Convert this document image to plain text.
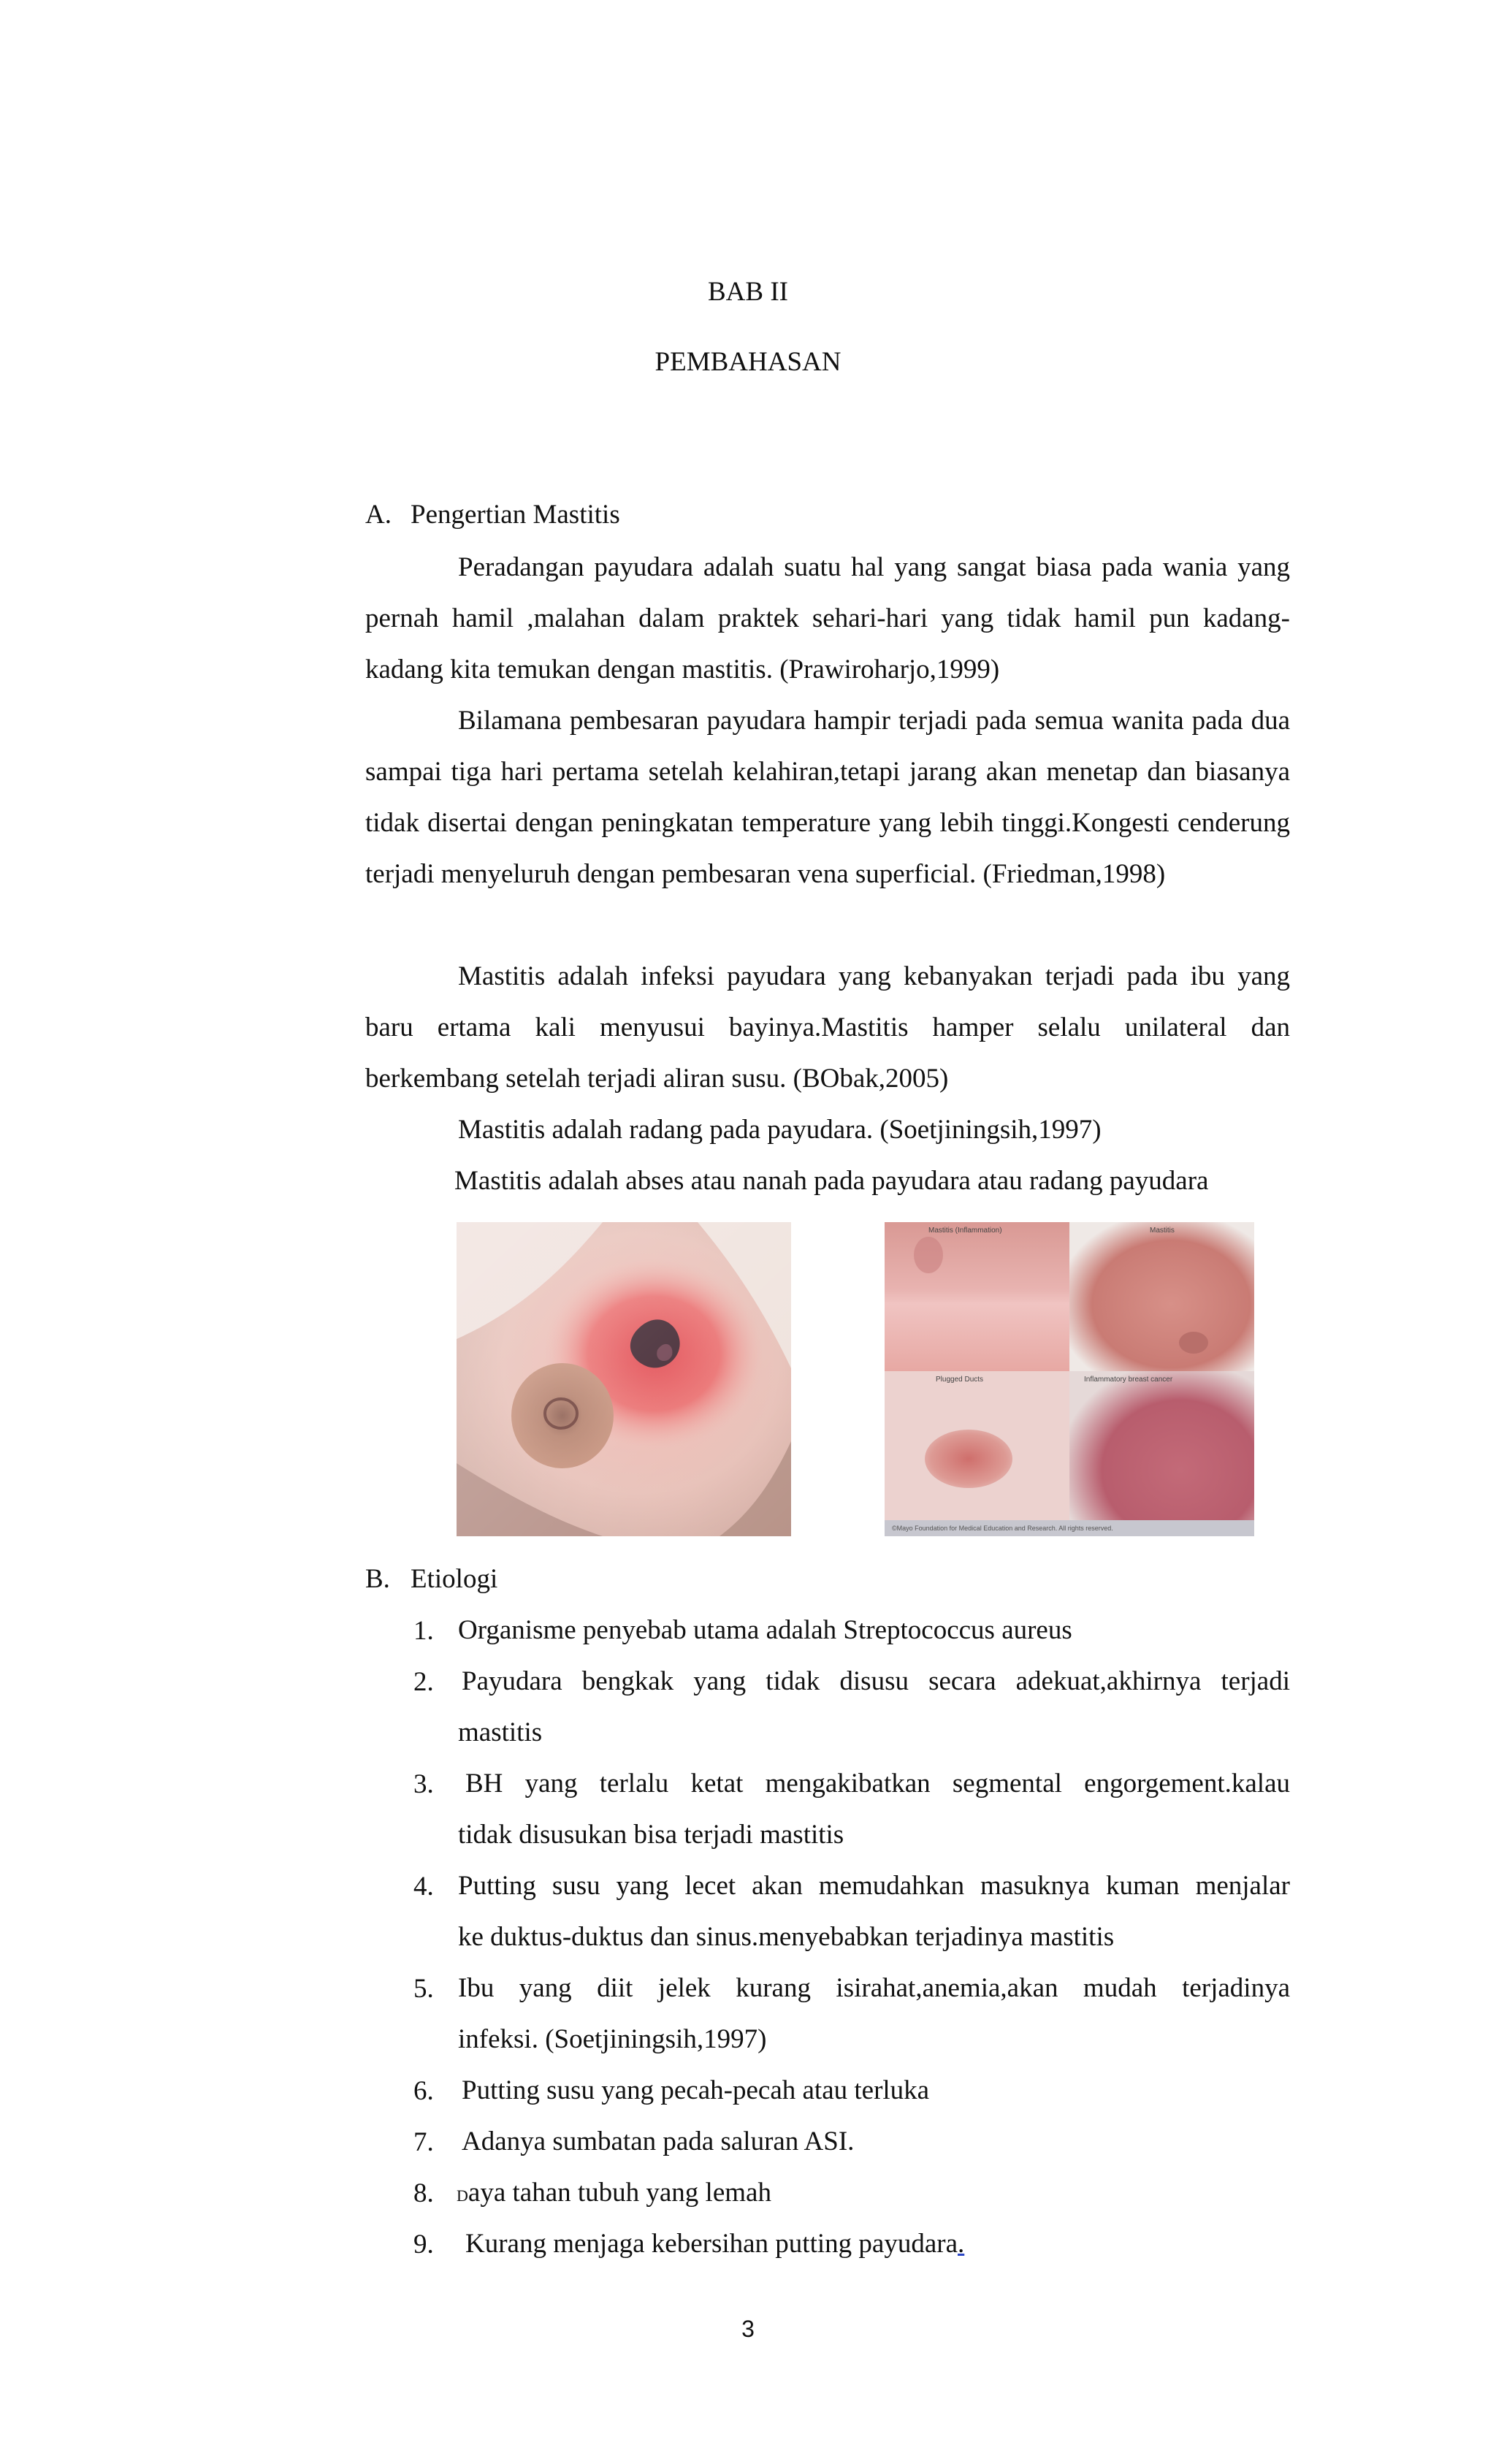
BAB II
PEMBAHASAN
A. Pengertian Mastitis
Peradangan payudara adalah suatu hal yang sangat biasa pada wania yang pernah hamil ,malahan dalam praktek sehari-hari yang tidak hamil pun kadang-kadang kita temukan dengan mastitis. (Prawiroharjo,1999)
Bilamana pembesaran payudara hampir terjadi pada semua wanita pada dua sampai tiga hari pertama setelah kelahiran,tetapi jarang akan menetap dan biasanya tidak disertai dengan peningkatan temperature yang lebih tinggi.Kongesti cenderung terjadi menyeluruh dengan pembesaran vena superficial. (Friedman,1998)
Mastitis adalah infeksi payudara yang kebanyakan terjadi pada ibu yang baru ertama kali menyusui bayinya.Mastitis hamper selalu unilateral dan berkembang setelah terjadi aliran susu. (BObak,2005)
Mastitis adalah radang pada payudara. (Soetjiningsih,1997)
Mastitis adalah abses atau nanah pada payudara atau radang payudara
Mastitis (Inflammation)	Mastitis
Plugged Ducts	Inflammatory breast cancer
©Mayo Foundation for Medical Education and Research. All rights reserved.
B. Etiologi
1. Organisme penyebab utama adalah Streptococcus aureus
2. Payudara bengkak yang tidak disusu secara adekuat,akhirnya terjadi
mastitis
3. BH yang terlalu ketat mengakibatkan segmental engorgement.kalau
tidak disusukan bisa terjadi mastitis
4. Putting susu yang lecet akan memudahkan masuknya kuman menjalar
ke duktus-duktus dan sinus.menyebabkan terjadinya mastitis
5. Ibu yang diit jelek kurang isirahat,anemia,akan mudah terjadinya
infeksi. (Soetjiningsih,1997)
6. Putting susu yang pecah-pecah atau terluka
7. Adanya sumbatan pada saluran ASI.
8. Daya tahan tubuh yang lemah
9. Kurang menjaga kebersihan putting payudara.
3
